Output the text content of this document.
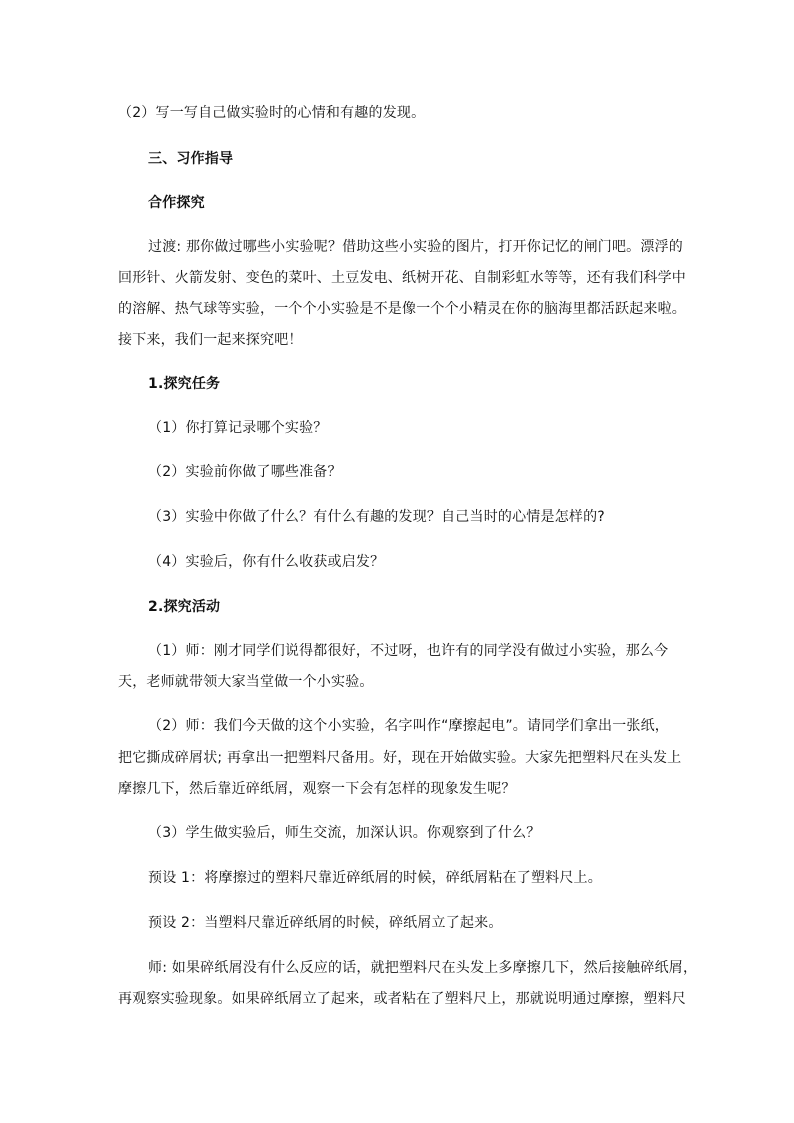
（2）写一写自己做实验时的心情和有趣的发现。
三、习作指导
合作探究
过渡: 那你做过哪些小实验呢？借助这些小实验的图片，打开你记忆的闸门吧。漂浮的
回形针、火箭发射、变色的菜叶、土豆发电、纸树开花、自制彩虹水等等，还有我们科学中
的溶解、热气球等实验，一个个小实验是不是像一个个小精灵在你的脑海里都活跃起来啦。
接下来，我们一起来探究吧！
1.探究任务
（1）你打算记录哪个实验？
（2）实验前你做了哪些准备？
（3）实验中你做了什么？有什么有趣的发现？自己当时的心情是怎样的?
（4）实验后，你有什么收获或启发？
2.探究活动
（1）师：刚才同学们说得都很好，不过呀，也许有的同学没有做过小实验，那么今
天，老师就带领大家当堂做一个小实验。
（2）师：我们今天做的这个小实验，名字叫作“摩擦起电”。请同学们拿出一张纸，
把它撕成碎屑状; 再拿出一把塑料尺备用。好，现在开始做实验。大家先把塑料尺在头发上
摩擦几下，然后靠近碎纸屑，观察一下会有怎样的现象发生呢？
（3）学生做实验后，师生交流，加深认识。你观察到了什么？
预设 1：将摩擦过的塑料尺靠近碎纸屑的时候，碎纸屑粘在了塑料尺上。
预设 2：当塑料尺靠近碎纸屑的时候，碎纸屑立了起来。
师: 如果碎纸屑没有什么反应的话，就把塑料尺在头发上多摩擦几下，然后接触碎纸屑，
再观察实验现象。如果碎纸屑立了起来，或者粘在了塑料尺上，那就说明通过摩擦，塑料尺
